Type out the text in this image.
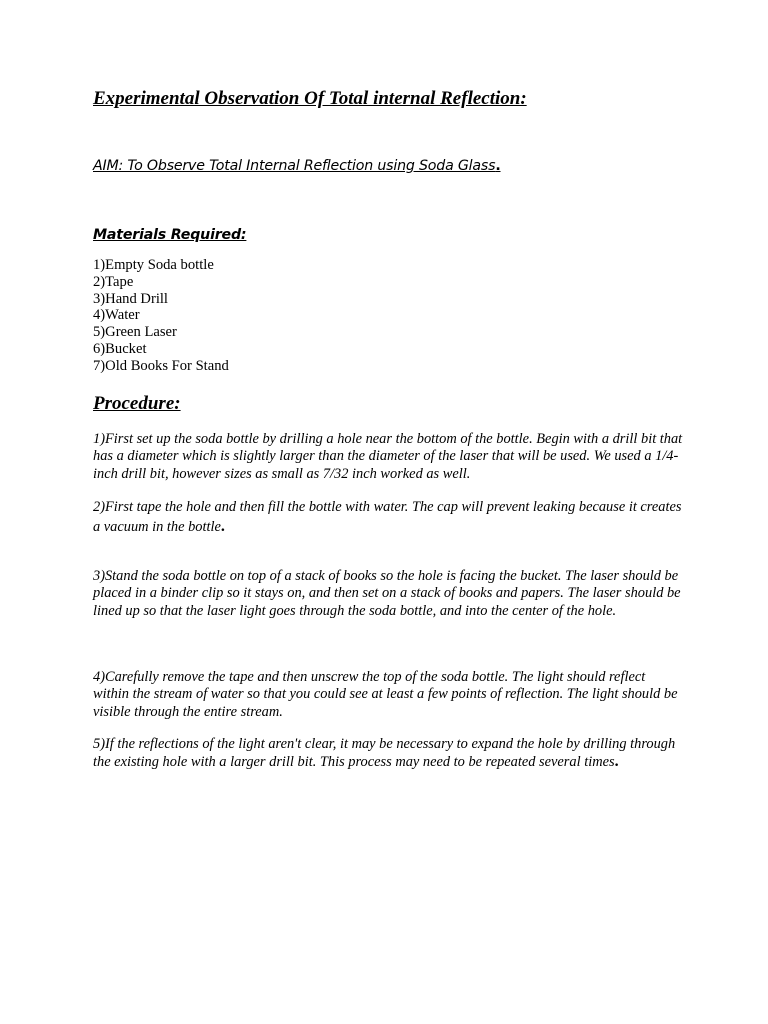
Experimental Observation Of Total internal Reflection:

AIM: To Observe Total Internal Reflection using Soda Glass.

Materials Required:
1)Empty Soda bottle
2)Tape
3)Hand Drill
4)Water
5)Green Laser
6)Bucket
7)Old Books For Stand
Procedure:

1)First set up the soda bottle by drilling a hole near the bottom of the bottle. Begin with a drill bit that has a diameter which is slightly larger than the diameter of the laser that will be used. We used a 1/4-inch drill bit, however sizes as small as 7/32 inch worked as well.

2)First tape the hole and then fill the bottle with water. The cap will prevent leaking because it creates a vacuum in the bottle.

3)Stand the soda bottle on top of a stack of books so the hole is facing the bucket. The laser should be placed in a binder clip so it stays on, and then set on a stack of books and papers. The laser should be lined up so that the laser light goes through the soda bottle, and into the center of the hole.

4)Carefully remove the tape and then unscrew the top of the soda bottle. The light should reflect within the stream of water so that you could see at least a few points of reflection. The light should be visible through the entire stream.

5)If the reflections of the light aren't clear, it may be necessary to expand the hole by drilling through the existing hole with a larger drill bit. This process may need to be repeated several times.
